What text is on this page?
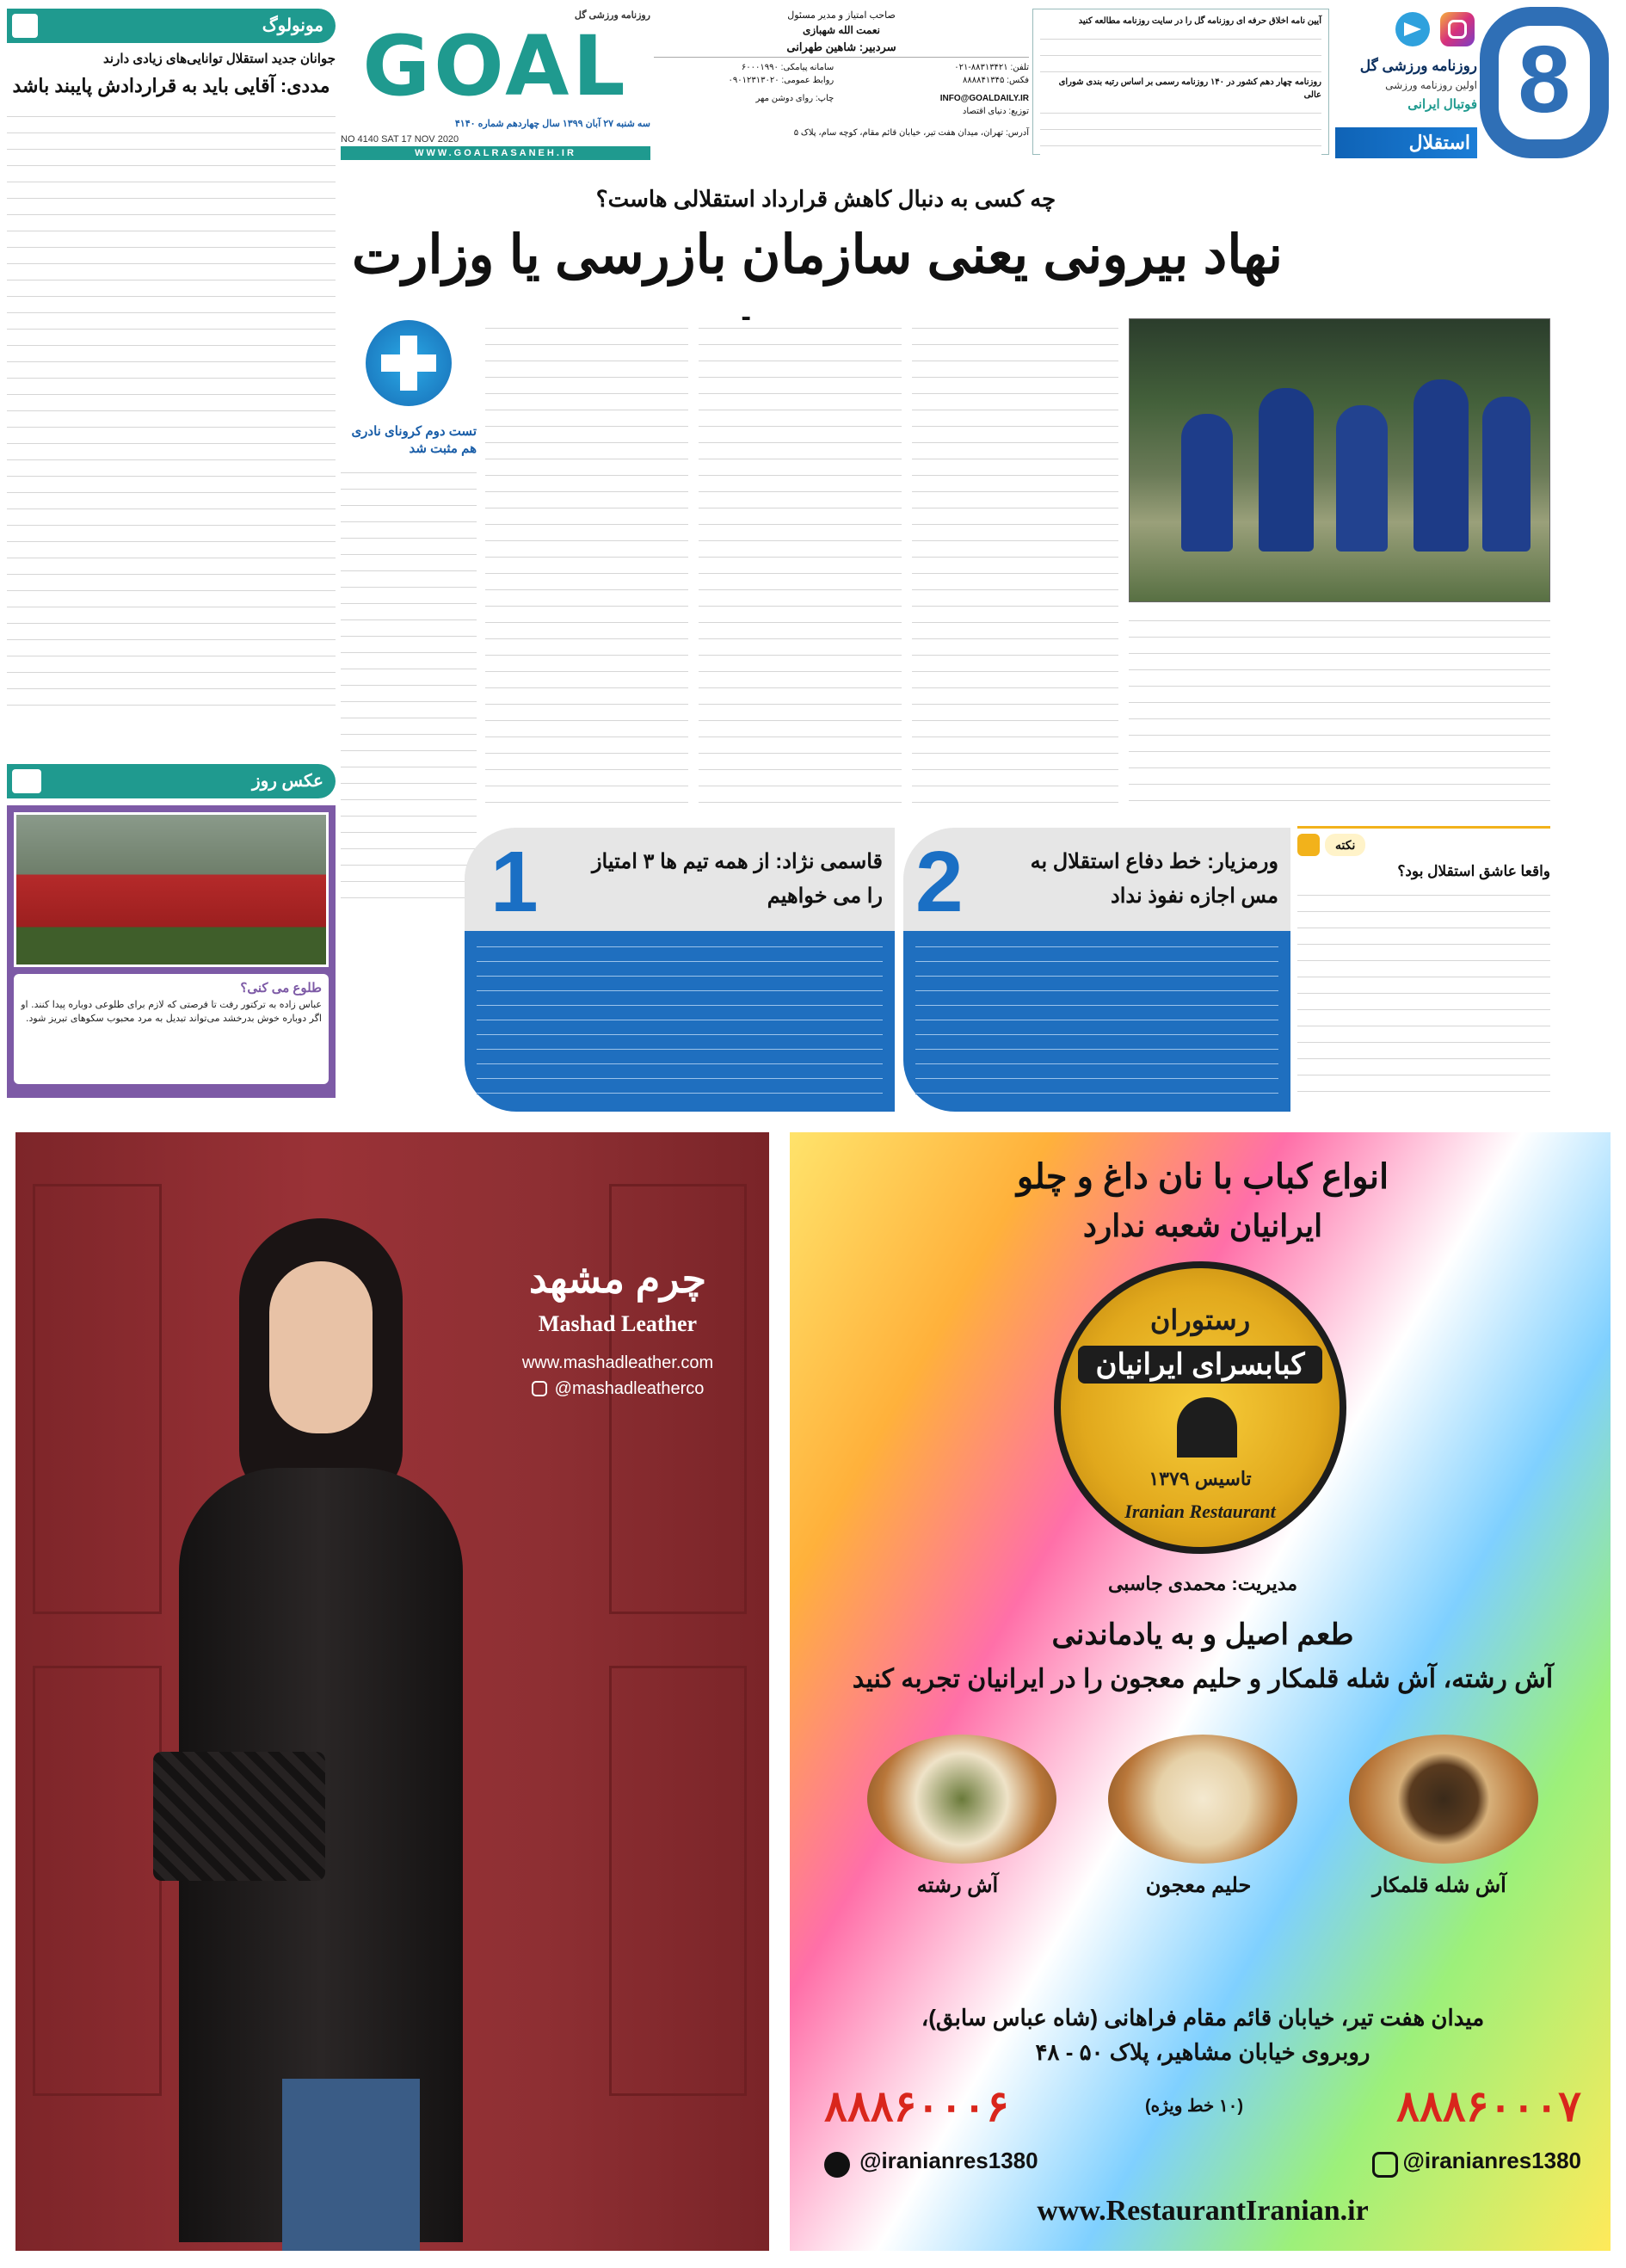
8
روزنامه ورزشی گل
اولین روزنامه ورزشی
فوتبال ایرانی
استقلال
آیین نامه اخلاق حرفه ای روزنامه گل را در سایت روزنامه مطالعه کنید
روزنامه چهار دهم کشور در ۱۴۰ روزنامه رسمی بر اساس رتبه بندی شورای عالی
صاحب امتیاز و مدیر مسئول
نعمت الله شهبازی
سردبیر: شاهین طهرانی
تلفن: ۸۸۳۱۳۴۲۱-۰۲۱
فکس: ۸۸۸۸۴۱۳۴۵
INFO@GOALDAILY.IR
توزیع: دنیای اقتصاد
سامانه پیامکی: ۶۰۰۰۱۹۹۰
روابط عمومی: ۰۹۰۱۲۳۱۳۰۲۰
چاپ: روای دوشن مهر
آدرس: تهران، میدان هفت تیر، خیابان قائم مقام، کوچه سام، پلاک ۵
روزنامه ورزشی گل
GOAL
سه شنبه ۲۷ آبان ۱۳۹۹ سال چهاردهم شماره ۴۱۴۰
NO 4140 SAT 17 NOV 2020
WWW.GOALRASANEH.IR
مونولوگ
جوانان جدید استقلال توانایی‌های زیادی دارند
مددی: آقایی باید به قراردادش پایبند باشد
عکس روز
طلوع می کنی؟
عباس زاده به ترکتور رفت تا فرصتی که لازم برای طلوعی دوباره پیدا کنند. او اگر دوباره خوش بدرخشد می‌تواند تبدیل به مرد محبوب سکوهای تبریز شود.
چه کسی به دنبال کاهش قرارداد استقلالی هاست؟
نهاد بیرونی یعنی سازمان بازرسی یا وزارت
تست دوم کرونای نادری هم مثبت شد
نکته
واقعا عاشق استقلال بود؟
2	ورمزیار: خط دفاع استقلال به مس اجازه نفوذ نداد
1	قاسمی نژاد: از همه تیم ها ۳ امتیاز را می خواهیم
چرم مشهد
Mashad Leather
www.mashadleather.com
@mashadleatherco
انواع کباب با نان داغ و چلو
ایرانیان شعبه ندارد
رستوران
کبابسرای ایرانیان
تاسیس ۱۳۷۹
Iranian Restaurant
مدیریت: محمدی جاسبی
طعم اصیل و به یادماندنی
آش رشته، آش شله قلمکار و حلیم معجون را در ایرانیان تجربه کنید
آش شله قلمکار
حلیم معجون
آش رشته
میدان هفت تیر، خیابان قائم مقام فراهانی (شاه عباس سابق)،
روبروی خیابان مشاهیر، پلاک ۵۰ - ۴۸
۸۸۸۶۰۰۰۷
(۱۰ خط ویژه)
۸۸۸۶۰۰۰۶
@iranianres1380
@iranianres1380
www.RestaurantIranian.ir
